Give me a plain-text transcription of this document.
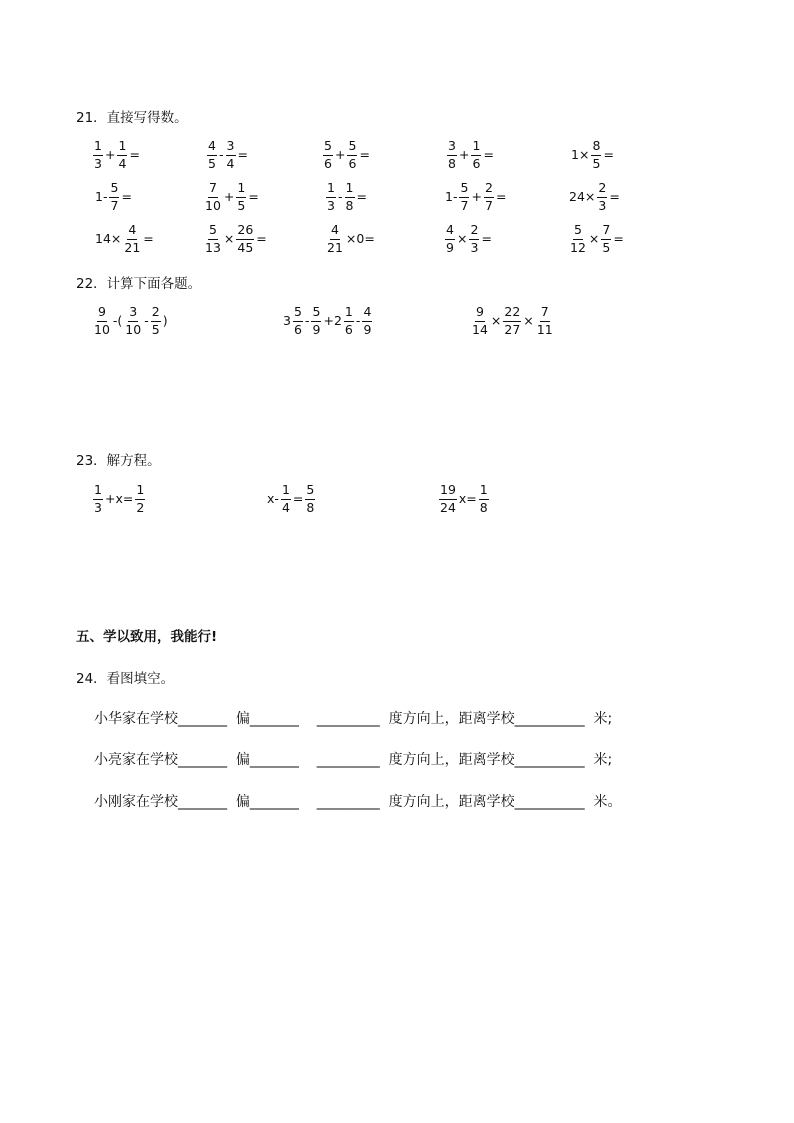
21．直接写得数。
$\frac{1}{3} + \frac{1}{4}$ =	$\frac{4}{5} - \frac{3}{4}$ =	$\frac{5}{6} + \frac{5}{6}$ =	$\frac{3}{8} + \frac{1}{6}$ =	$1\times \frac{8}{5}$ =
$1- \frac{5}{7}$ =	$\frac{7}{10} + \frac{1}{5}$ =	$\frac{1}{3} - \frac{1}{8}$ =	$1- \frac{5}{7} + \frac{2}{7}$ =	$24\times \frac{2}{3}$ =
$14\times \frac{4}{21}$ =	$\frac{5}{13} \times \frac{26}{45}$ =	$\frac{4}{21} \times 0=$	$\frac{4}{9} \times \frac{2}{3}$ =	$\frac{5}{12} \times \frac{7}{5}$ =
22．计算下面各题。
$\frac{9}{10}$ -( $\frac{3}{10} - \frac{2}{5}$ )	$3 \frac{5}{6} - \frac{5}{9} +2 \frac{1}{6} - \frac{4}{9}$	$\frac{9}{14} \times \frac{22}{27} \times \frac{7}{11}$
23．解方程。
$\frac{1}{3} +x= \frac{1}{2}$	$x- \frac{1}{4} = \frac{5}{8}$	$\frac{19}{24} x= \frac{1}{8}$
五、学以致用，我能行!
24．看图填空。
小华家在学校_______  偏_______    _________  度方向上，距离学校__________  米;
小亮家在学校_______  偏_______    _________  度方向上，距离学校__________  米;
小刚家在学校_______  偏_______    _________  度方向上，距离学校__________  米。
